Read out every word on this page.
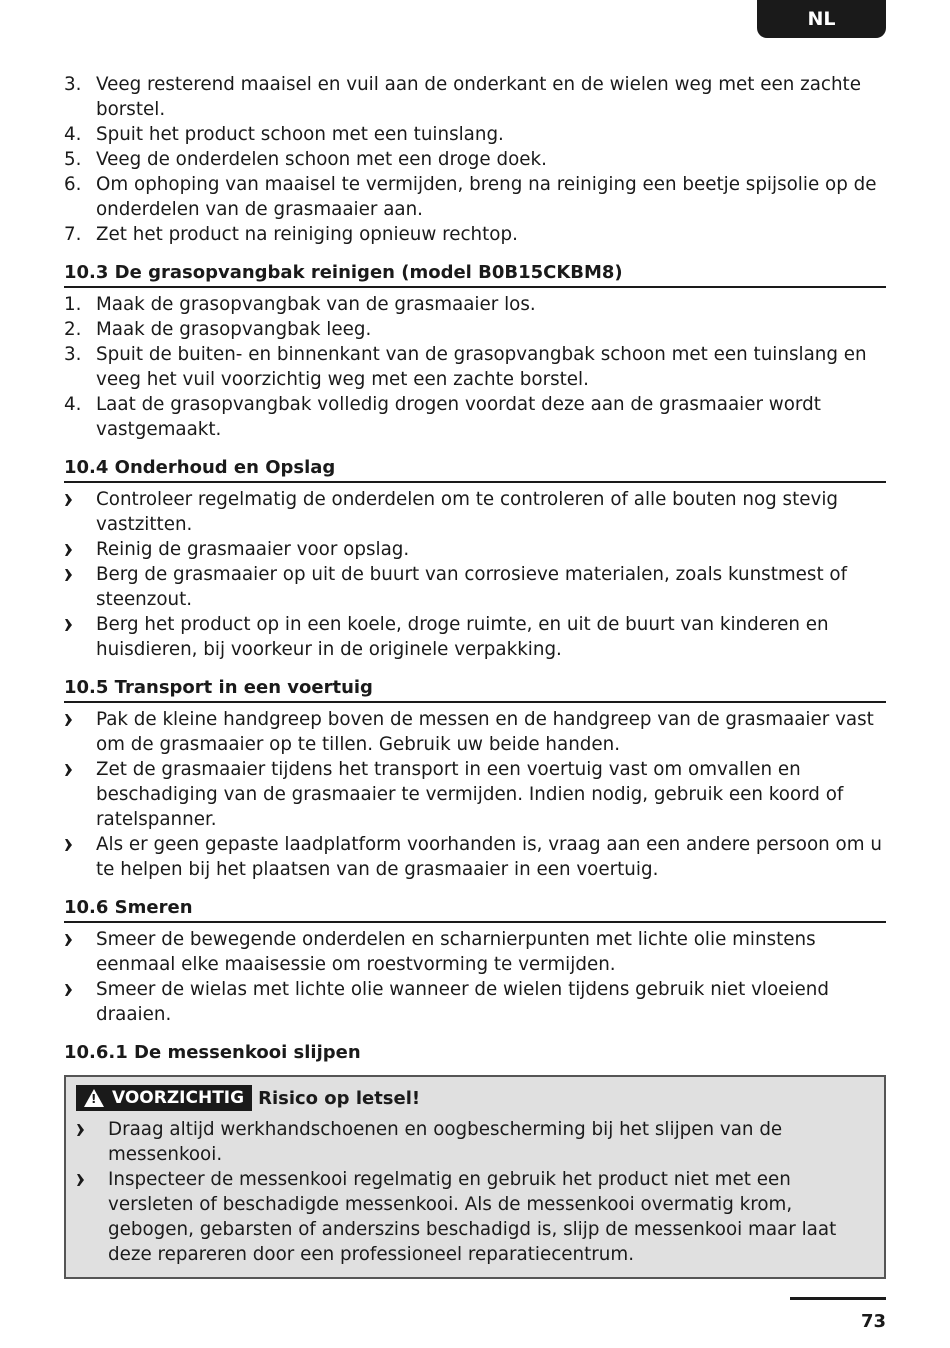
NL
3. Veeg resterend maaisel en vuil aan de onderkant en de wielen weg met een zachte borstel.
4. Spuit het product schoon met een tuinslang.
5. Veeg de onderdelen schoon met een droge doek.
6. Om ophoping van maaisel te vermijden, breng na reiniging een beetje spijsolie op de onderdelen van de grasmaaier aan.
7. Zet het product na reiniging opnieuw rechtop.
10.3 De grasopvangbak reinigen (model B0B15CKBM8)
1. Maak de grasopvangbak van de grasmaaier los.
2. Maak de grasopvangbak leeg.
3. Spuit de buiten- en binnenkant van de grasopvangbak schoon met een tuinslang en veeg het vuil voorzichtig weg met een zachte borstel.
4. Laat de grasopvangbak volledig drogen voordat deze aan de grasmaaier wordt vastgemaakt.
10.4 Onderhoud en Opslag
Controleer regelmatig de onderdelen om te controleren of alle bouten nog stevig vastzitten.
Reinig de grasmaaier voor opslag.
Berg de grasmaaier op uit de buurt van corrosieve materialen, zoals kunstmest of steenzout.
Berg het product op in een koele, droge ruimte, en uit de buurt van kinderen en huisdieren, bij voorkeur in de originele verpakking.
10.5 Transport in een voertuig
Pak de kleine handgreep boven de messen en de handgreep van de grasmaaier vast om de grasmaaier op te tillen. Gebruik uw beide handen.
Zet de grasmaaier tijdens het transport in een voertuig vast om omvallen en beschadiging van de grasmaaier te vermijden. Indien nodig, gebruik een koord of ratelspanner.
Als er geen gepaste laadplatform voorhanden is, vraag aan een andere persoon om u te helpen bij het plaatsen van de grasmaaier in een voertuig.
10.6 Smeren
Smeer de bewegende onderdelen en scharnierpunten met lichte olie minstens eenmaal elke maaisessie om roestvorming te vermijden.
Smeer de wielas met lichte olie wanneer de wielen tijdens gebruik niet vloeiend draaien.
10.6.1 De messenkooi slijpen
! VOORZICHTIG Risico op letsel!
Draag altijd werkhandschoenen en oogbescherming bij het slijpen van de messenkooi.
Inspecteer de messenkooi regelmatig en gebruik het product niet met een versleten of beschadigde messenkooi. Als de messenkooi overmatig krom, gebogen, gebarsten of anderszins beschadigd is, slijp de messenkooi maar laat deze repareren door een professioneel reparatiecentrum.
73
